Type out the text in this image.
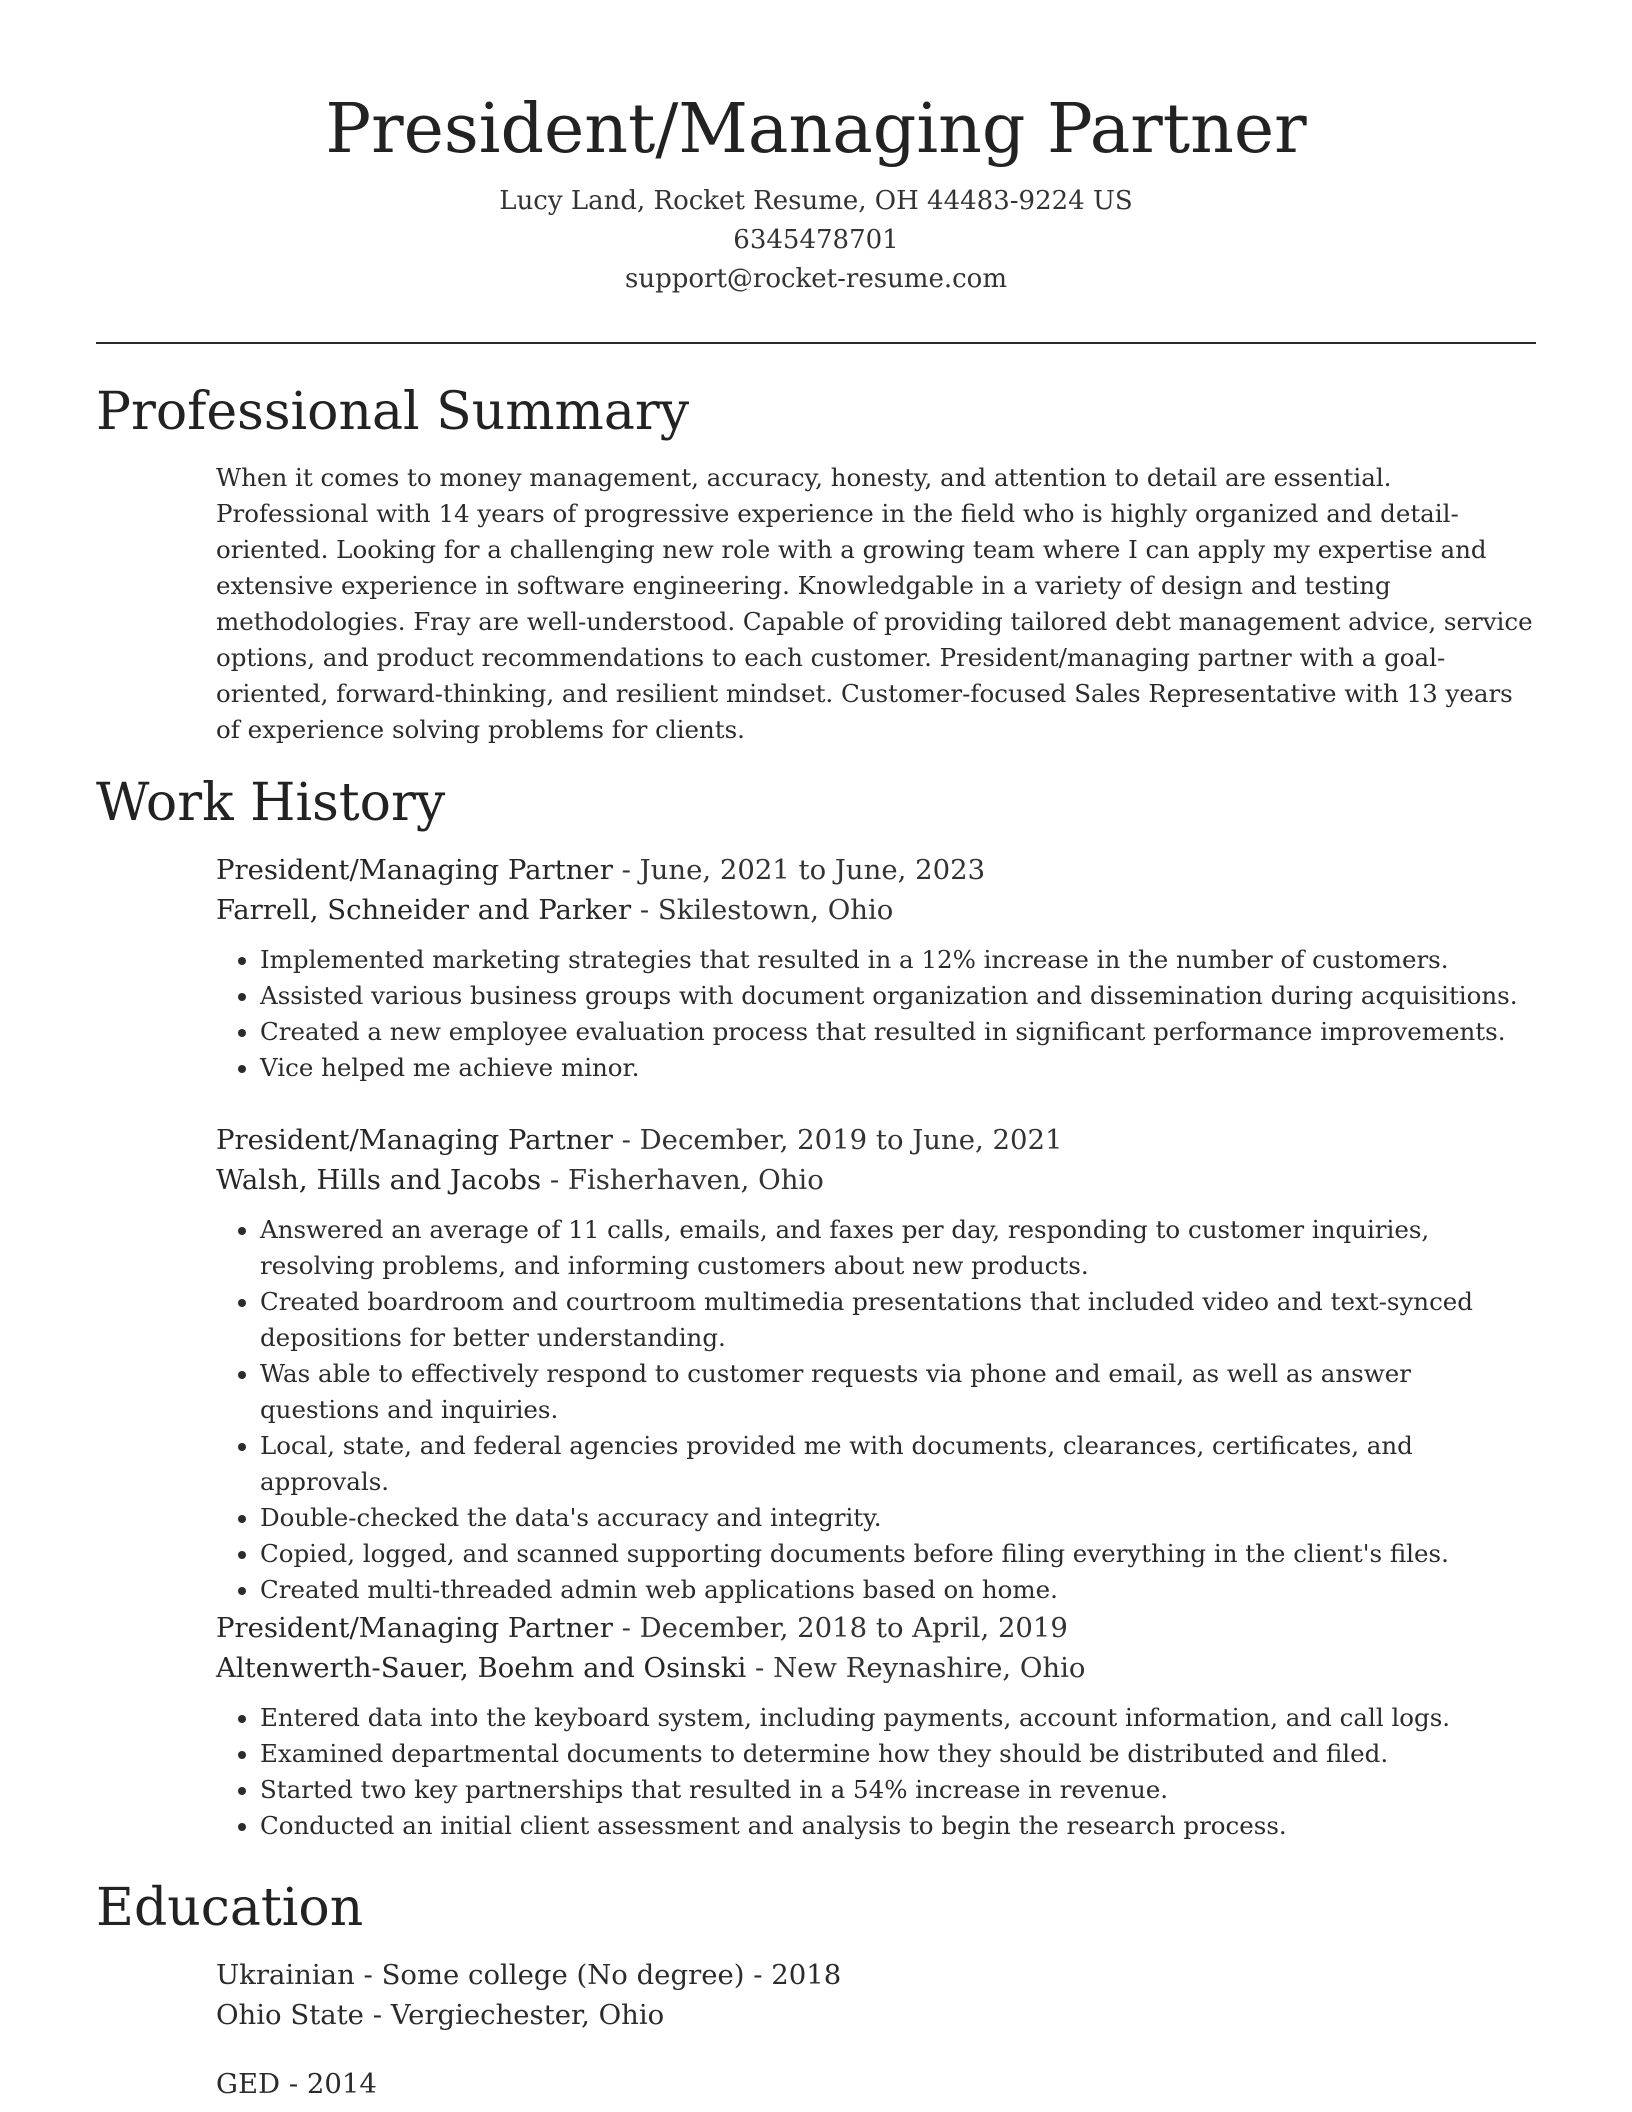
President/Managing Partner
Lucy Land, Rocket Resume, OH 44483-9224 US
6345478701
support@rocket-resume.com
Professional Summary
When it comes to money management, accuracy, honesty, and attention to detail are essential. Professional with 14 years of progressive experience in the field who is highly organized and detail-oriented. Looking for a challenging new role with a growing team where I can apply my expertise and extensive experience in software engineering. Knowledgable in a variety of design and testing methodologies. Fray are well-understood. Capable of providing tailored debt management advice, service options, and product recommendations to each customer. President/managing partner with a goal-oriented, forward-thinking, and resilient mindset. Customer-focused Sales Representative with 13 years of experience solving problems for clients.
Work History
President/Managing Partner - June, 2021 to June, 2023
Farrell, Schneider and Parker - Skilestown, Ohio
• Implemented marketing strategies that resulted in a 12% increase in the number of customers.
• Assisted various business groups with document organization and dissemination during acquisitions.
• Created a new employee evaluation process that resulted in significant performance improvements.
• Vice helped me achieve minor.
President/Managing Partner - December, 2019 to June, 2021
Walsh, Hills and Jacobs - Fisherhaven, Ohio
• Answered an average of 11 calls, emails, and faxes per day, responding to customer inquiries, resolving problems, and informing customers about new products.
• Created boardroom and courtroom multimedia presentations that included video and text-synced depositions for better understanding.
• Was able to effectively respond to customer requests via phone and email, as well as answer questions and inquiries.
• Local, state, and federal agencies provided me with documents, clearances, certificates, and approvals.
• Double-checked the data's accuracy and integrity.
• Copied, logged, and scanned supporting documents before filing everything in the client's files.
• Created multi-threaded admin web applications based on home.
President/Managing Partner - December, 2018 to April, 2019
Altenwerth-Sauer, Boehm and Osinski - New Reynashire, Ohio
• Entered data into the keyboard system, including payments, account information, and call logs.
• Examined departmental documents to determine how they should be distributed and filed.
• Started two key partnerships that resulted in a 54% increase in revenue.
• Conducted an initial client assessment and analysis to begin the research process.
Education
Ukrainian - Some college (No degree) - 2018
Ohio State - Vergiechester, Ohio
GED - 2014
